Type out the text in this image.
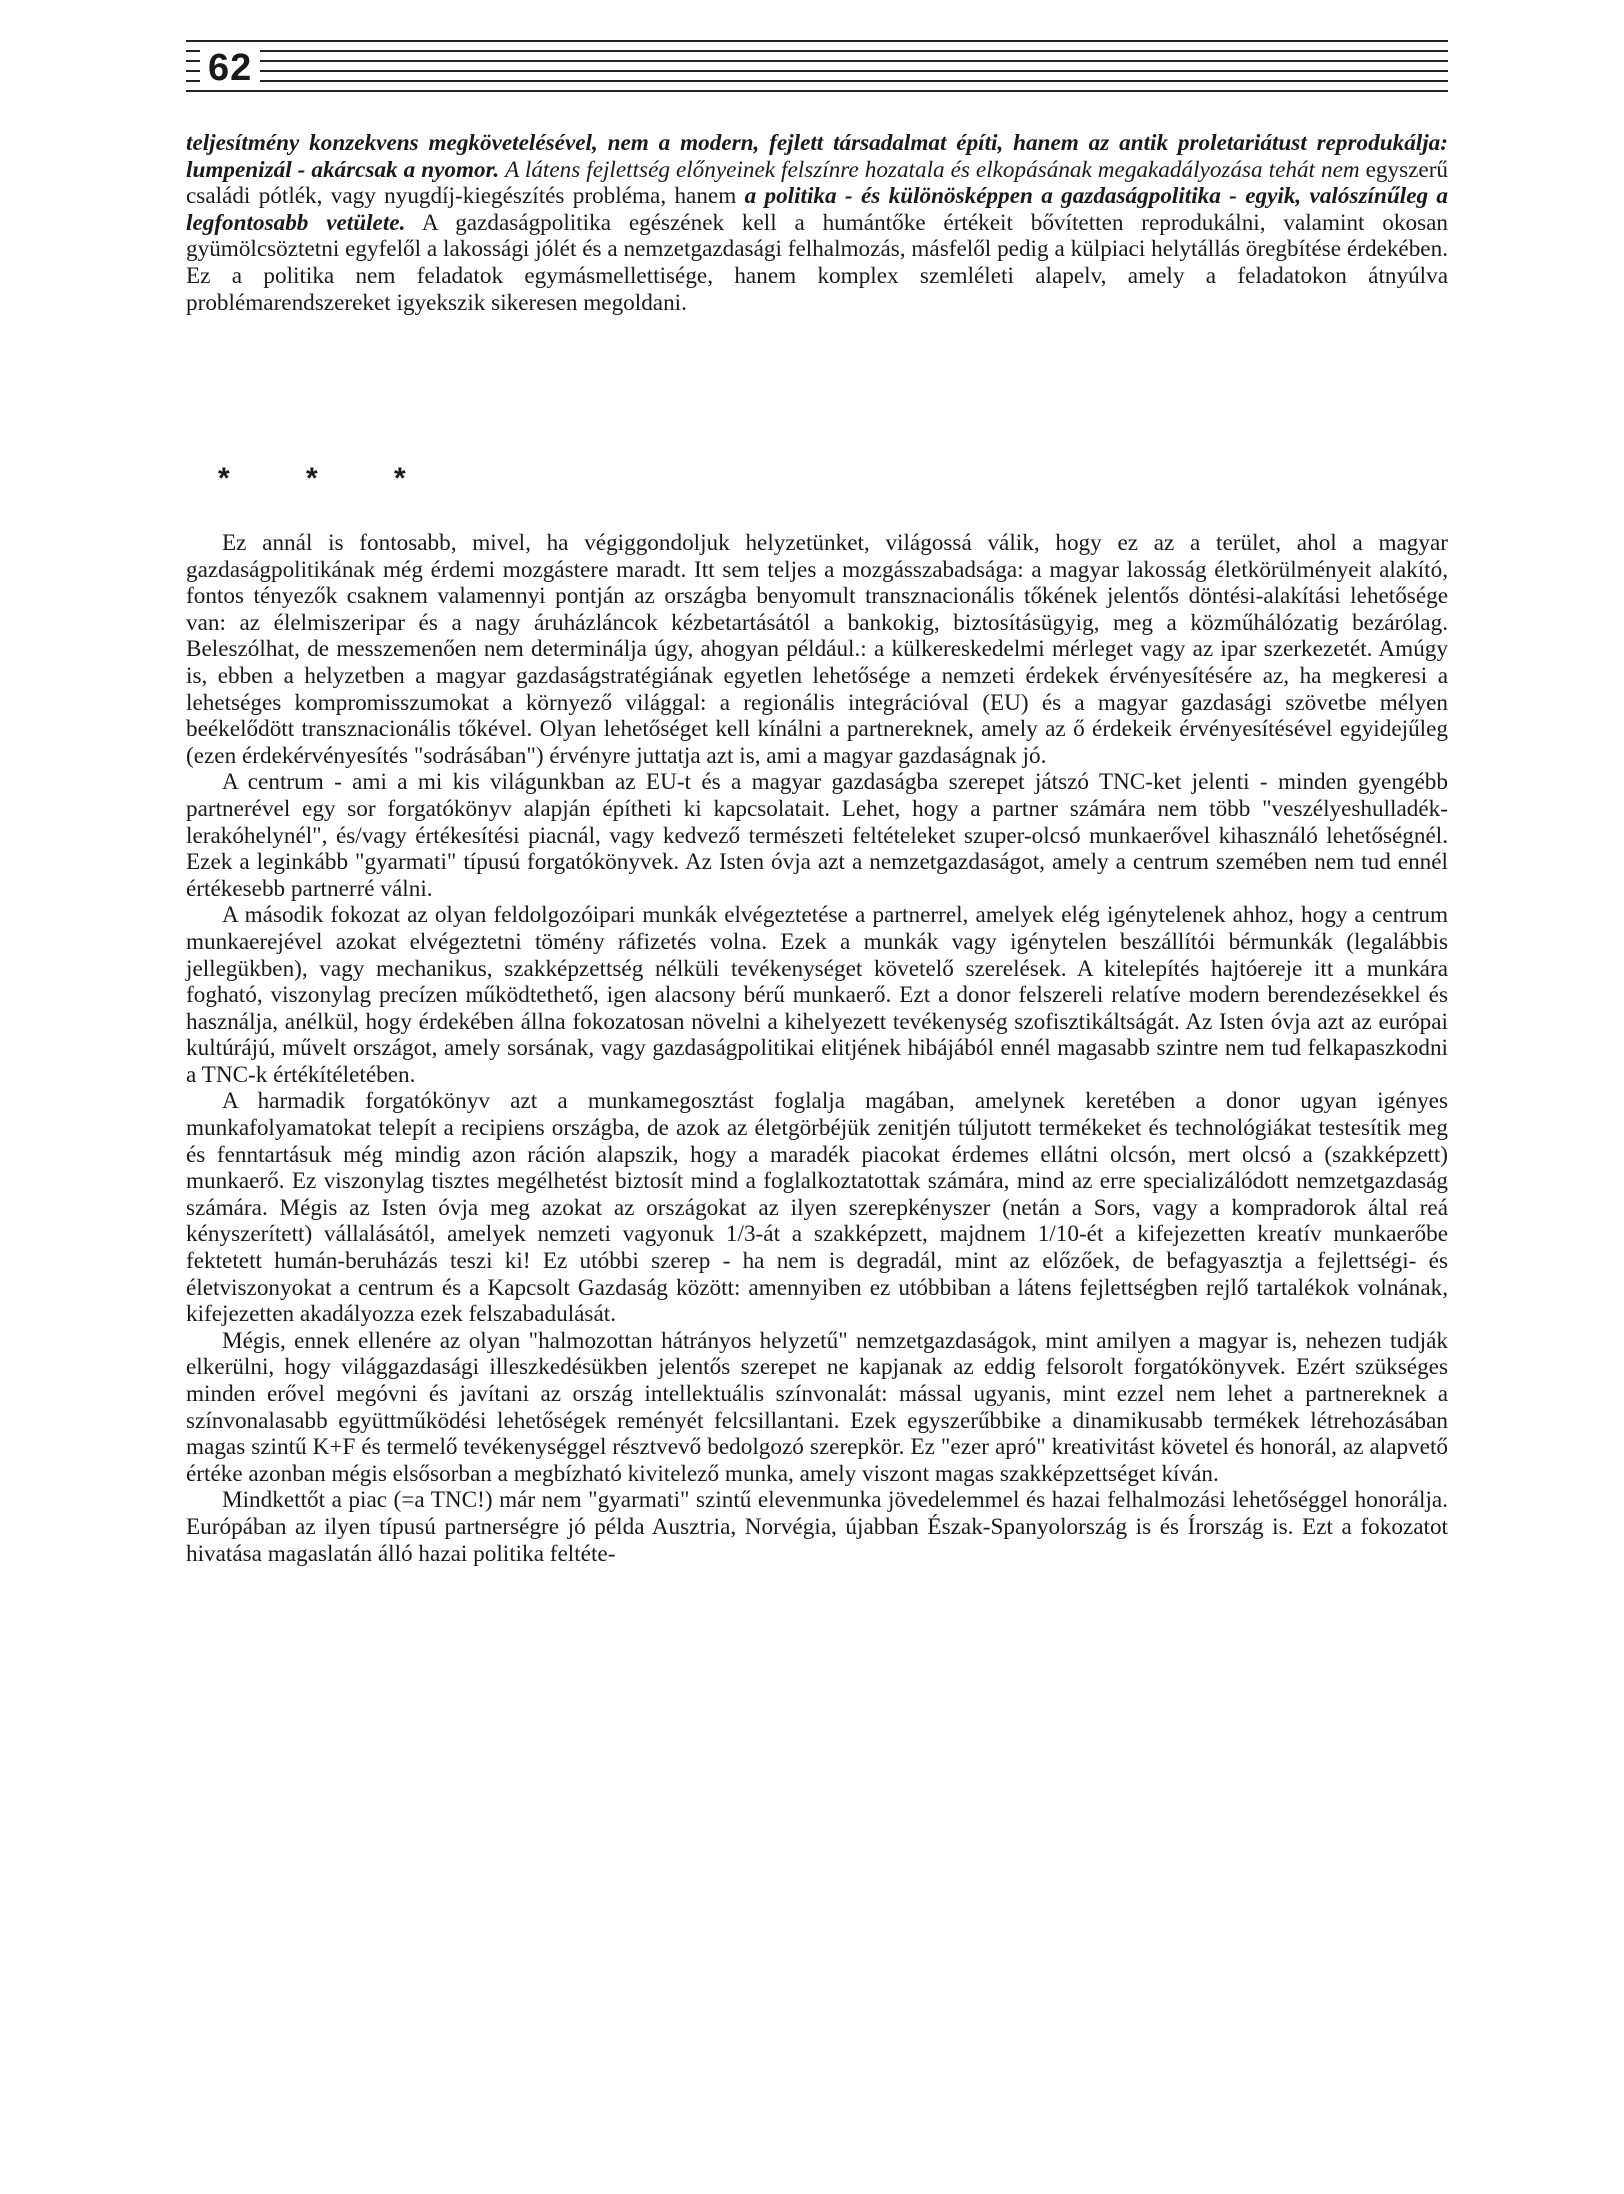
62

teljesítmény konzekvens megkövetelésével, nem a modern, fejlett társadalmat építi, hanem az antik proletariátust reprodukálja: lumpenizál - akárcsak a nyomor. A látens fejlettség előnyeinek felszínre hozatala és elkopásának megakadályozása tehát nem egyszerű családi pótlék, vagy nyugdíj-kiegészítés probléma, hanem a politika - és különösképpen a gazdaságpolitika - egyik, valószínűleg a legfontosabb vetülete. A gazdaságpolitika egészének kell a humántőke értékeit bővítetten reprodukálni, valamint okosan gyümölcsöztetni egyfelől a lakossági jólét és a nemzetgazdasági felhalmozás, másfelől pedig a külpiaci helytállás öregbítése érdekében. Ez a politika nem feladatok egymásmellettisége, hanem komplex szemléleti alapelv, amely a feladatokon átnyúlva problémarendszereket igyekszik sikeresen megoldani.

* * *

Ez annál is fontosabb, mivel, ha végiggondoljuk helyzetünket, világossá válik, hogy ez az a terület, ahol a magyar gazdaságpolitikának még érdemi mozgástere maradt. Itt sem teljes a mozgásszabadsága: a magyar lakosság életkörülményeit alakító, fontos tényezők csaknem valamennyi pontján az országba benyomult transznacionális tőkének jelentős döntési-alakítási lehetősége van: az élelmiszeripar és a nagy áruházláncok kézbetartásától a bankokig, biztosításügyig, meg a közműhálózatig bezárólag. Beleszólhat, de messzemenően nem determinálja úgy, ahogyan például.: a külkereskedelmi mérleget vagy az ipar szerkezetét. Amúgy is, ebben a helyzetben a magyar gazdaságstratégiának egyetlen lehetősége a nemzeti érdekek érvényesítésére az, ha megkeresi a lehetséges kompromisszumokat a környező világgal: a regionális integrációval (EU) és a magyar gazdasági szövetbe mélyen beékelődött transznacionális tőkével. Olyan lehetőséget kell kínálni a partnereknek, amely az ő érdekeik érvényesítésével egyidejűleg (ezen érdekérvényesítés "sodrásában") érvényre juttatja azt is, ami a magyar gazdaságnak jó.

A centrum - ami a mi kis világunkban az EU-t és a magyar gazdaságba szerepet játszó TNC-ket jelenti - minden gyengébb partnerével egy sor forgatókönyv alapján építheti ki kapcsolatait. Lehet, hogy a partner számára nem több "veszélyeshulladék-lerakóhelynél", és/vagy értékesítési piacnál, vagy kedvező természeti feltételeket szuper-olcsó munkaerővel kihasználó lehetőségnél. Ezek a leginkább "gyarmati" típusú forgatókönyvek. Az Isten óvja azt a nemzetgazdaságot, amely a centrum szemében nem tud ennél értékesebb partnerré válni.

A második fokozat az olyan feldolgozóipari munkák elvégeztetése a partnerrel, amelyek elég igénytelenek ahhoz, hogy a centrum munkaerejével azokat elvégeztetni tömény ráfizetés volna. Ezek a munkák vagy igénytelen beszállítói bérmunkák (legalábbis jellegükben), vagy mechanikus, szakképzettség nélküli tevékenységet követelő szerelések. A kitelepítés hajtóereje itt a munkára fogható, viszonylag precízen működtethető, igen alacsony bérű munkaerő. Ezt a donor felszereli relatíve modern berendezésekkel és használja, anélkül, hogy érdekében állna fokozatosan növelni a kihelyezett tevékenység szofisztikáltságát. Az Isten óvja azt az európai kultúrájú, művelt országot, amely sorsának, vagy gazdaságpolitikai elitjének hibájából ennél magasabb szintre nem tud felkapaszkodni a TNC-k értékítéletében.

A harmadik forgatókönyv azt a munkamegosztást foglalja magában, amelynek keretében a donor ugyan igényes munkafolyamatokat telepít a recipiens országba, de azok az életgörbéjük zenitjén túljutott termékeket és technológiákat testesítik meg és fenntartásuk még mindig azon ráción alapszik, hogy a maradék piacokat érdemes ellátni olcsón, mert olcsó a (szakképzett) munkaerő. Ez viszonylag tisztes megélhetést biztosít mind a foglalkoztatottak számára, mind az erre specializálódott nemzetgazdaság számára. Mégis az Isten óvja meg azokat az országokat az ilyen szerepkényszer (netán a Sors, vagy a kompradorok által reá kényszerített) vállalásától, amelyek nemzeti vagyonuk 1/3-át a szakképzett, majdnem 1/10-ét a kifejezetten kreatív munkaerőbe fektetett humán-beruházás teszi ki! Ez utóbbi szerep - ha nem is degradál, mint az előzőek, de befagyasztja a fejlettségi- és életviszonyokat a centrum és a Kapcsolt Gazdaság között: amennyiben ez utóbbiban a látens fejlettségben rejlő tartalékok volnának, kifejezetten akadályozza ezek felszabadulását.

Mégis, ennek ellenére az olyan "halmozottan hátrányos helyzetű" nemzetgazdaságok, mint amilyen a magyar is, nehezen tudják elkerülni, hogy világgazdasági illeszkedésükben jelentős szerepet ne kapjanak az eddig felsorolt forgatókönyvek. Ezért szükséges minden erővel megóvni és javítani az ország intellektuális színvonalát: mással ugyanis, mint ezzel nem lehet a partnereknek a színvonalasabb együttműködési lehetőségek reményét felcsillantani. Ezek egyszerűbbike a dinamikusabb termékek létrehozásában magas szintű K+F és termelő tevékenységgel résztvevő bedolgozó szerepkör. Ez "ezer apró" kreativitást követel és honorál, az alapvető értéke azonban mégis elsősorban a megbízható kivitelező munka, amely viszont magas szakképzettséget kíván.

Mindkettőt a piac (=a TNC!) már nem "gyarmati" szintű elevenmunka jövedelemmel és hazai felhalmozási lehetőséggel honorálja. Európában az ilyen típusú partnerségre jó példa Ausztria, Norvégia, újabban Észak-Spanyolország is és Írország is. Ezt a fokozatot hivatása magaslatán álló hazai politika feltéte-
